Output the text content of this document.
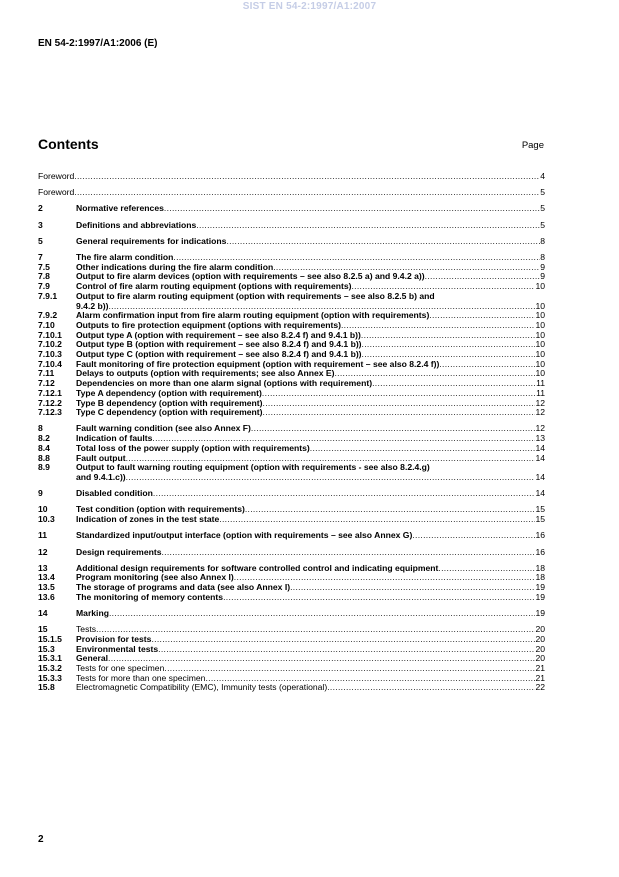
SIST EN 54-2:1997/A1:2007
EN 54-2:1997/A1:2006 (E)
Contents	Page
Foreword .....	4
Foreword .....	5
2	Normative references .....	5
3	Definitions and abbreviations .....	5
5	General requirements for indications .....	8
7	The fire alarm condition .....	8
7.5	Other indications during the fire alarm condition .....	9
7.8	Output to fire alarm devices (option with requirements – see also 8.2.5 a) and 9.4.2 a)) .....	9
7.9	Control of fire alarm routing equipment (options with requirements) .....	10
7.9.1	Output to fire alarm routing equipment (option with requirements – see also 8.2.5 b) and
9.4.2 b)) .....	10
7.9.2	Alarm confirmation input from fire alarm routing equipment (option with requirements) .....	10
7.10	Outputs to fire protection equipment (options with requirements) .....	10
7.10.1	Output type A (option with requirement – see also 8.2.4 f) and 9.4.1 b)) .....	10
7.10.2	Output type B (option with requirement – see also 8.2.4 f) and 9.4.1 b)) .....	10
7.10.3	Output type C (option with requirement – see also 8.2.4 f) and 9.4.1 b)) .....	10
7.10.4	Fault monitoring of fire protection equipment (option with requirement – see also 8.2.4 f)) .....	10
7.11	Delays to outputs (option with requirements; see also Annex E) .....	10
7.12	Dependencies on more than one alarm signal (options with requirement) .....	11
7.12.1	Type A dependency (option with requirement) .....	11
7.12.2	Type B dependency (option with requirement) .....	12
7.12.3	Type C dependency (option with requirement) .....	12
8	Fault warning condition (see also Annex F) .....	12
8.2	Indication of faults .....	13
8.4	Total loss of the power supply (option with requirements) .....	14
8.8	Fault output .....	14
8.9	Output to fault warning routing equipment (option with requirements - see also 8.2.4.g)
and 9.4.1.c)) .....	14
9	Disabled condition .....	14
10	Test condition (option with requirements) .....	15
10.3	Indication of zones in the test state .....	15
11	Standardized input/output interface (option with requirements – see also Annex G) .....	16
12	Design requirements .....	16
13	Additional design requirements for software controlled control and indicating equipment .....	18
13.4	Program monitoring (see also Annex I) .....	18
13.5	The storage of programs and data (see also Annex I) .....	19
13.6	The monitoring of memory contents .....	19
14	Marking .....	19
15	Tests .....	20
15.1.5	Provision for tests .....	20
15.3	Environmental tests .....	20
15.3.1	General .....	20
15.3.2	Tests for one specimen .....	21
15.3.3	Tests for more than one specimen .....	21
15.8	Electromagnetic Compatibility (EMC), Immunity tests (operational) .....	22
2
